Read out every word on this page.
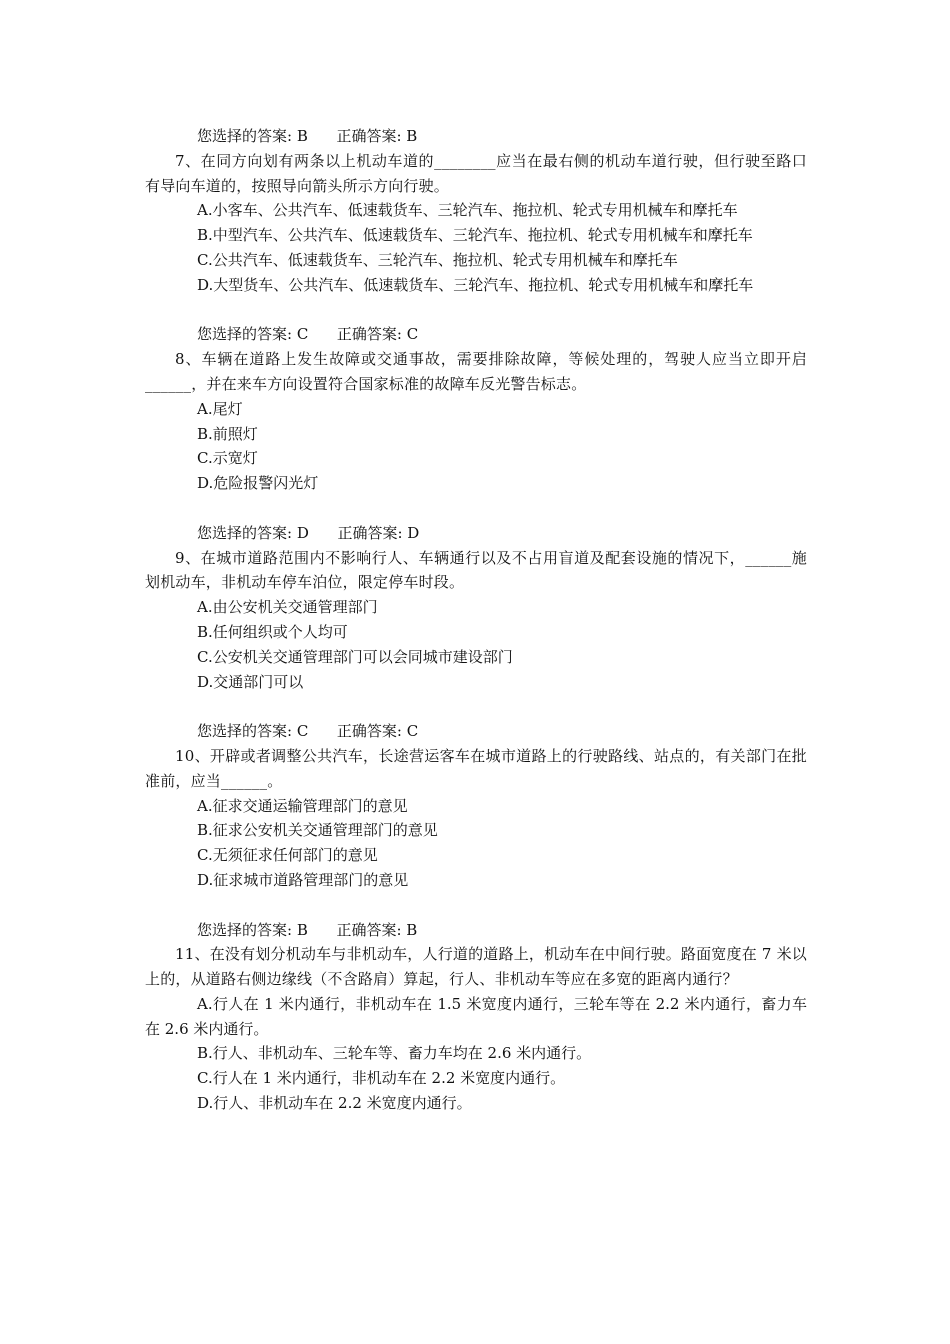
您选择的答案: B      正确答案: B
7、在同方向划有两条以上机动车道的________应当在最右侧的机动车道行驶，但行驶至路口有导向车道的，按照导向箭头所示方向行驶。
A.小客车、公共汽车、低速载货车、三轮汽车、拖拉机、轮式专用机械车和摩托车
B.中型汽车、公共汽车、低速载货车、三轮汽车、拖拉机、轮式专用机械车和摩托车
C.公共汽车、低速载货车、三轮汽车、拖拉机、轮式专用机械车和摩托车
D.大型货车、公共汽车、低速载货车、三轮汽车、拖拉机、轮式专用机械车和摩托车
您选择的答案: C      正确答案: C
8、车辆在道路上发生故障或交通事故，需要排除故障，等候处理的，驾驶人应当立即开启______，并在来车方向设置符合国家标准的故障车反光警告标志。
A.尾灯
B.前照灯
C.示宽灯
D.危险报警闪光灯
您选择的答案: D      正确答案: D
9、在城市道路范围内不影响行人、车辆通行以及不占用盲道及配套设施的情况下，______施划机动车，非机动车停车泊位，限定停车时段。
A.由公安机关交通管理部门
B.任何组织或个人均可
C.公安机关交通管理部门可以会同城市建设部门
D.交通部门可以
您选择的答案: C      正确答案: C
10、开辟或者调整公共汽车，长途营运客车在城市道路上的行驶路线、站点的，有关部门在批准前，应当______。
A.征求交通运输管理部门的意见
B.征求公安机关交通管理部门的意见
C.无须征求任何部门的意见
D.征求城市道路管理部门的意见
您选择的答案: B      正确答案: B
11、在没有划分机动车与非机动车，人行道的道路上，机动车在中间行驶。路面宽度在 7 米以上的，从道路右侧边缘线（不含路肩）算起，行人、非机动车等应在多宽的距离内通行？
A.行人在 1 米内通行，非机动车在 1.5 米宽度内通行，三轮车等在 2.2 米内通行，畜力车在 2.6 米内通行。
B.行人、非机动车、三轮车等、畜力车均在 2.6 米内通行。
C.行人在 1 米内通行，非机动车在 2.2 米宽度内通行。
D.行人、非机动车在 2.2 米宽度内通行。
